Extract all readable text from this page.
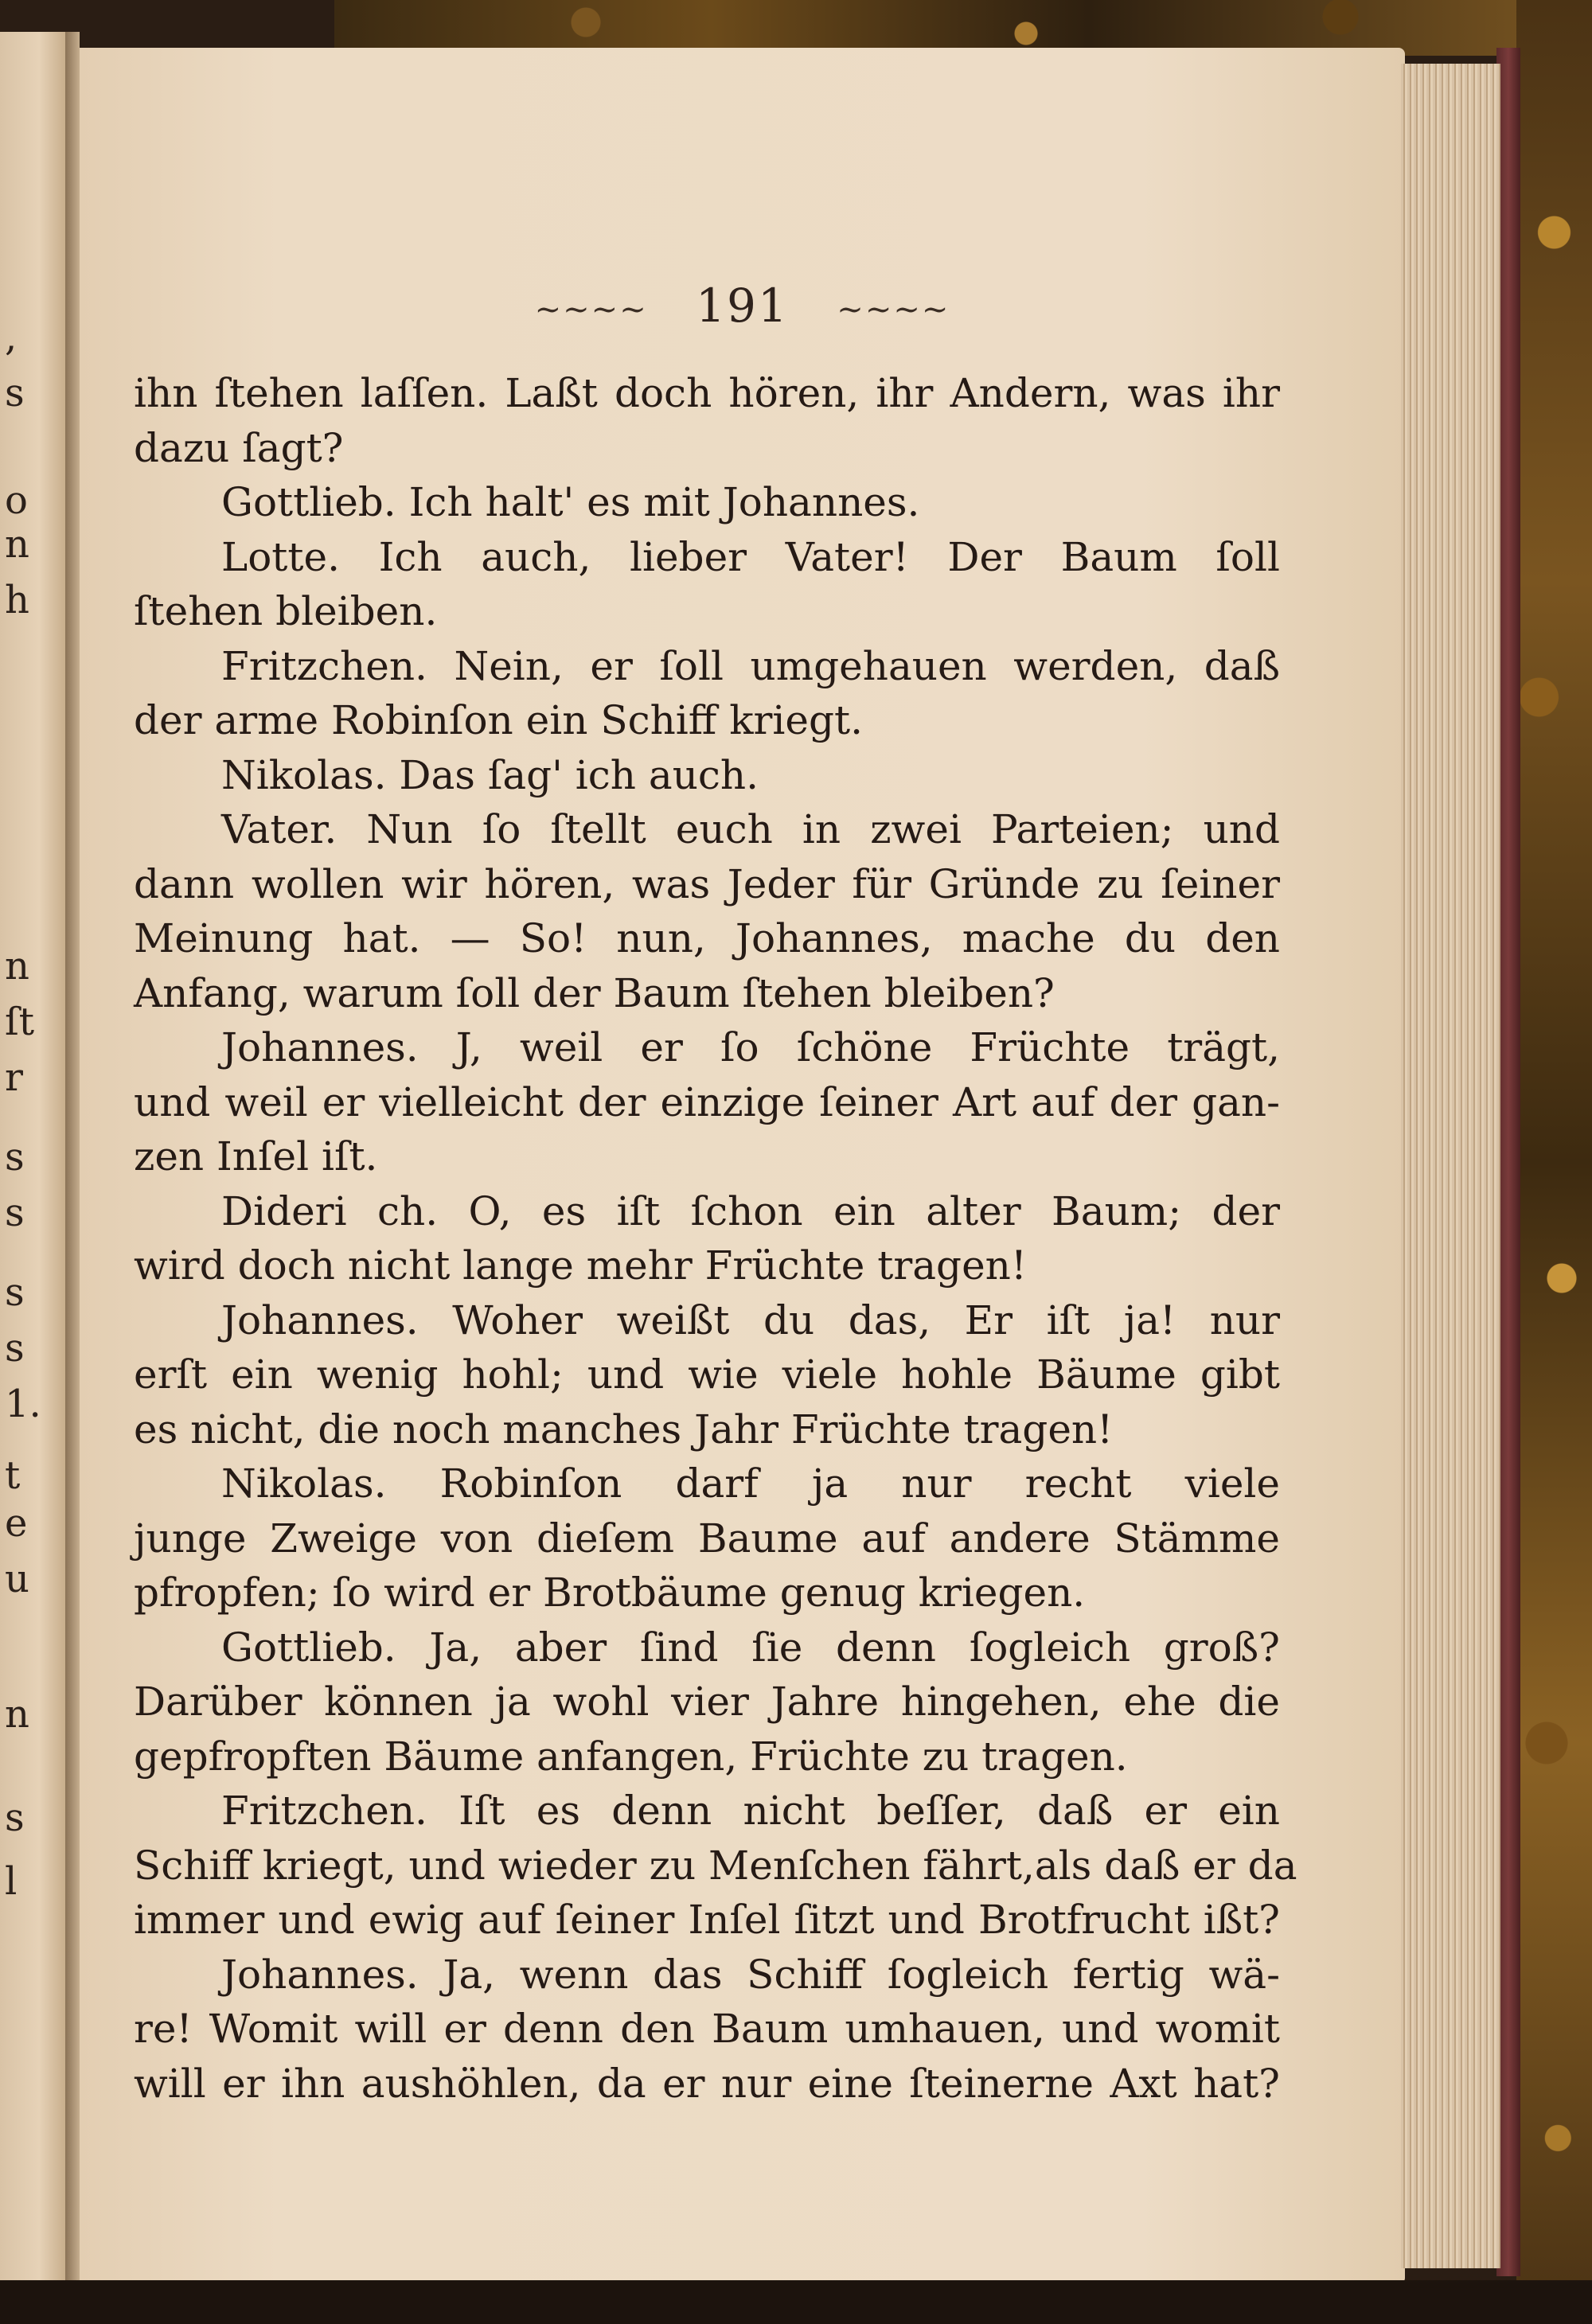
,
s
o
n
h
n
ſt
r
s
s
s
s
1.
t
e
u
n
s
l
~~~~ 191 ~~~~
ihn ſtehen laſſen. Laßt doch hören, ihr Andern, was ihr
dazu ſagt?
Gottlieb. Ich halt' es mit Johannes.
Lotte. Ich auch, lieber Vater! Der Baum ſoll
ſtehen bleiben.
Fritzchen. Nein, er ſoll umgehauen werden, daß
der arme Robinſon ein Schiff kriegt.
Nikolas. Das ſag' ich auch.
Vater. Nun ſo ſtellt euch in zwei Parteien; und
dann wollen wir hören, was Jeder für Gründe zu ſeiner
Meinung hat. — So! nun, Johannes, mache du den
Anfang, warum ſoll der Baum ſtehen bleiben?
Johannes. J, weil er ſo ſchöne Früchte trägt,
und weil er vielleicht der einzige ſeiner Art auf der gan-
zen Inſel iſt.
Dideri ch. O, es iſt ſchon ein alter Baum; der
wird doch nicht lange mehr Früchte tragen!
Johannes. Woher weißt du das, Er iſt ja! nur
erſt ein wenig hohl; und wie viele hohle Bäume gibt
es nicht, die noch manches Jahr Früchte tragen!
Nikolas. Robinſon darf ja nur recht viele
junge Zweige von dieſem Baume auf andere Stämme
pfropfen; ſo wird er Brotbäume genug kriegen.
Gottlieb. Ja, aber ſind ſie denn ſogleich groß?
Darüber können ja wohl vier Jahre hingehen, ehe die
gepfropften Bäume anfangen, Früchte zu tragen.
Fritzchen. Iſt es denn nicht beſſer, daß er ein
Schiff kriegt, und wieder zu Menſchen fährt,als daß er da
immer und ewig auf ſeiner Inſel ſitzt und Brotfrucht ißt?
Johannes. Ja, wenn das Schiff ſogleich fertig wä-
re! Womit will er denn den Baum umhauen, und womit
will er ihn aushöhlen, da er nur eine ſteinerne Axt hat?
